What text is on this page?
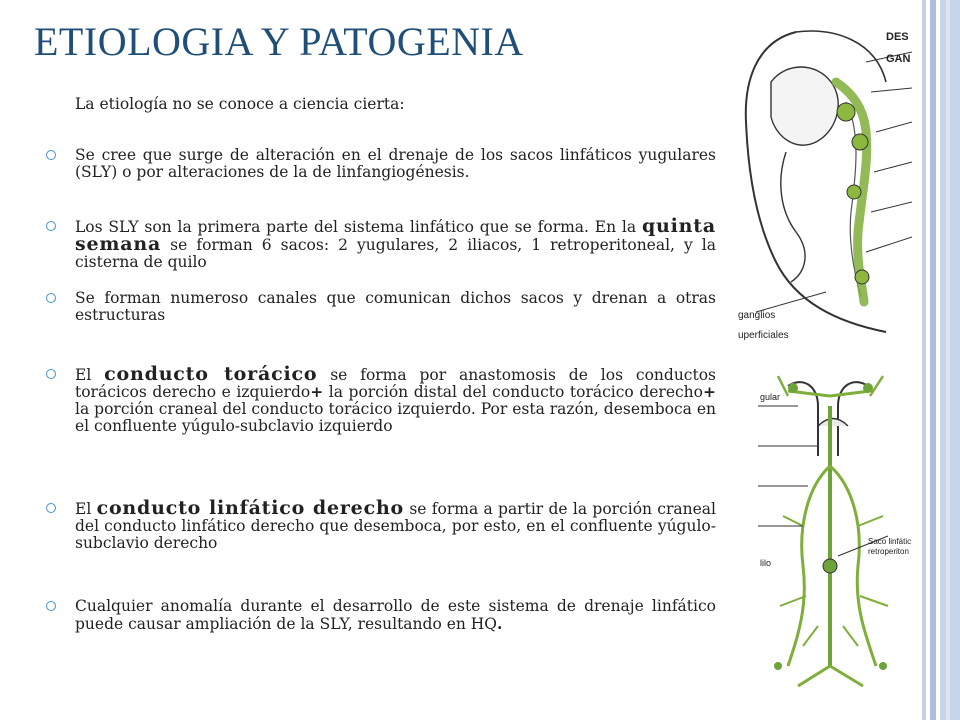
ETIOLOGIA Y PATOGENIA

La etiología no se conoce a ciencia cierta:

Se cree que surge de alteración en el drenaje de los sacos linfáticos yugulares (SLY) o por alteraciones de la de linfangiogénesis.
Los SLY son la primera parte del sistema linfático que se forma. En la quinta semana se forman 6 sacos: 2 yugulares, 2 iliacos, 1 retroperitoneal, y la cisterna de quilo
Se forman numeroso canales que comunican dichos sacos y drenan a otras estructuras
El conducto torácico se forma por anastomosis de los conductos torácicos derecho e izquierdo+ la porción distal del conducto torácico derecho+ la porción craneal del conducto torácico izquierdo. Por esta razón, desemboca en el confluente yúgulo-subclavio izquierdo
El conducto linfático derecho se forma a partir de la porción craneal del conducto linfático derecho que desemboca, por esto, en el confluente yúgulo-subclavio derecho
Cualquier anomalía durante el desarrollo de este sistema de drenaje linfático puede causar ampliación de la SLY, resultando en HQ.
DES
GAN
ganglios
uperficiales
gular
Saco linfátic
retroperiton
lilo
